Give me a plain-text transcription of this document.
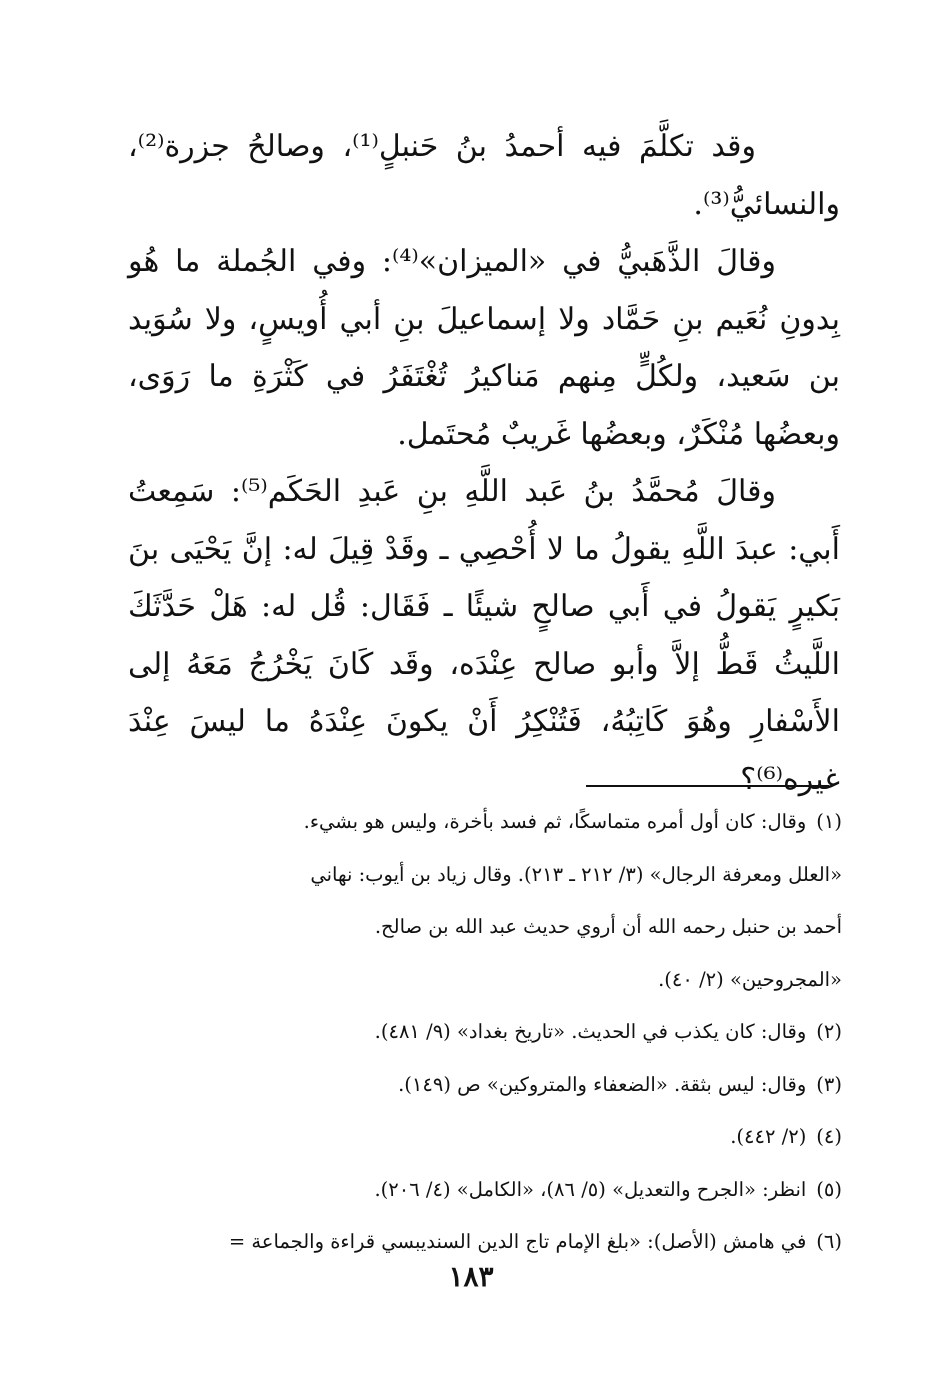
وقد تكلَّمَ فيه أحمدُ بنُ حَنبلٍ⁽¹⁾، وصالحُ جزرة⁽²⁾، والنسائيُّ⁽³⁾.

وقالَ الذَّهَبيُّ في «الميزان»⁽⁴⁾: وفي الجُملة ما هُو بِدونِ نُعَيم بنِ حَمَّاد ولا إسماعيلَ بنِ أبي أُويسٍ، ولا سُوَيد بن سَعيد، ولكُلٍّ مِنهم مَناكيرُ تُغْتَفَرُ في كَثْرَةِ ما رَوَى، وبعضُها مُنْكَرٌ، وبعضُها غَريبٌ مُحتَمل.

وقالَ مُحمَّدُ بنُ عَبد اللَّهِ بنِ عَبدِ الحَكَم⁽⁵⁾: سَمِعتُ أَبي: عبدَ اللَّهِ يقولُ ما لا أُحْصِي ـ وقَدْ قِيلَ له: إنَّ يَحْيَى بنَ بَكيرٍ يَقولُ في أَبي صالحٍ شيئًا ـ فَقَال: قُل له: هَلْ حَدَّثَكَ اللَّيثُ قَطُّ إلاَّ وأبو صالح عِنْدَه، وقَد كَانَ يَخْرُجُ مَعَهُ إلى الأَسْفارِ وهُوَ كَاتِبُهُ، فَتُنْكِرُ أَنْ يكونَ عِنْدَهُ ما ليسَ عِنْدَ غيره⁽⁶⁾؟

(١)وقال: كان أول أمره متماسكًا، ثم فسد بأخرة، وليس هو بشيء.

«العلل ومعرفة الرجال» (٣/ ٢١٢ ـ ٢١٣). وقال زياد بن أيوب: نهاني

أحمد بن حنبل رحمه الله أن أروي حديث عبد الله بن صالح.

«المجروحين» (٢/ ٤٠).

(٢)وقال: كان يكذب في الحديث. «تاريخ بغداد» (٩/ ٤٨١).

(٣)وقال: ليس بثقة. «الضعفاء والمتروكين» ص (١٤٩).

(٤)(٢/ ٤٤٢).

(٥)انظر: «الجرح والتعديل» (٥/ ٨٦)، «الكامل» (٤/ ٢٠٦).

(٦)في هامش (الأصل): «بلغ الإمام تاج الدين السنديبسي قراءة والجماعة =

١٨٣
